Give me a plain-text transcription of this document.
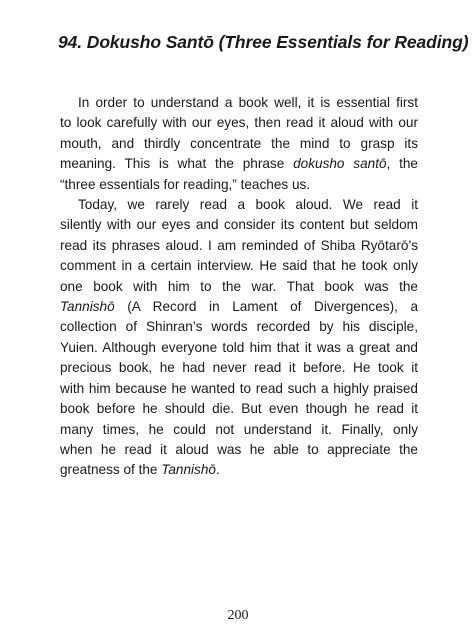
94. Dokusho Santō (Three Essentials for Reading)

In order to understand a book well, it is essential first
to look carefully with our eyes, then read it aloud with our
mouth, and thirdly concentrate the mind to grasp its
meaning. This is what the phrase dokusho santō, the
“three essentials for reading,” teaches us.

Today, we rarely read a book aloud. We read it
silently with our eyes and consider its content but seldom
read its phrases aloud. I am reminded of Shiba Ryōtarō’s
comment in a certain interview. He said that he took only
one book with him to the war. That book was the
Tannishō (A Record in Lament of Divergences), a
collection of Shinran’s words recorded by his disciple,
Yuien. Although everyone told him that it was a great and
precious book, he had never read it before. He took it
with him because he wanted to read such a highly praised
book before he should die. But even though he read it
many times, he could not understand it. Finally, only
when he read it aloud was he able to appreciate the
greatness of the Tannishō.

200
